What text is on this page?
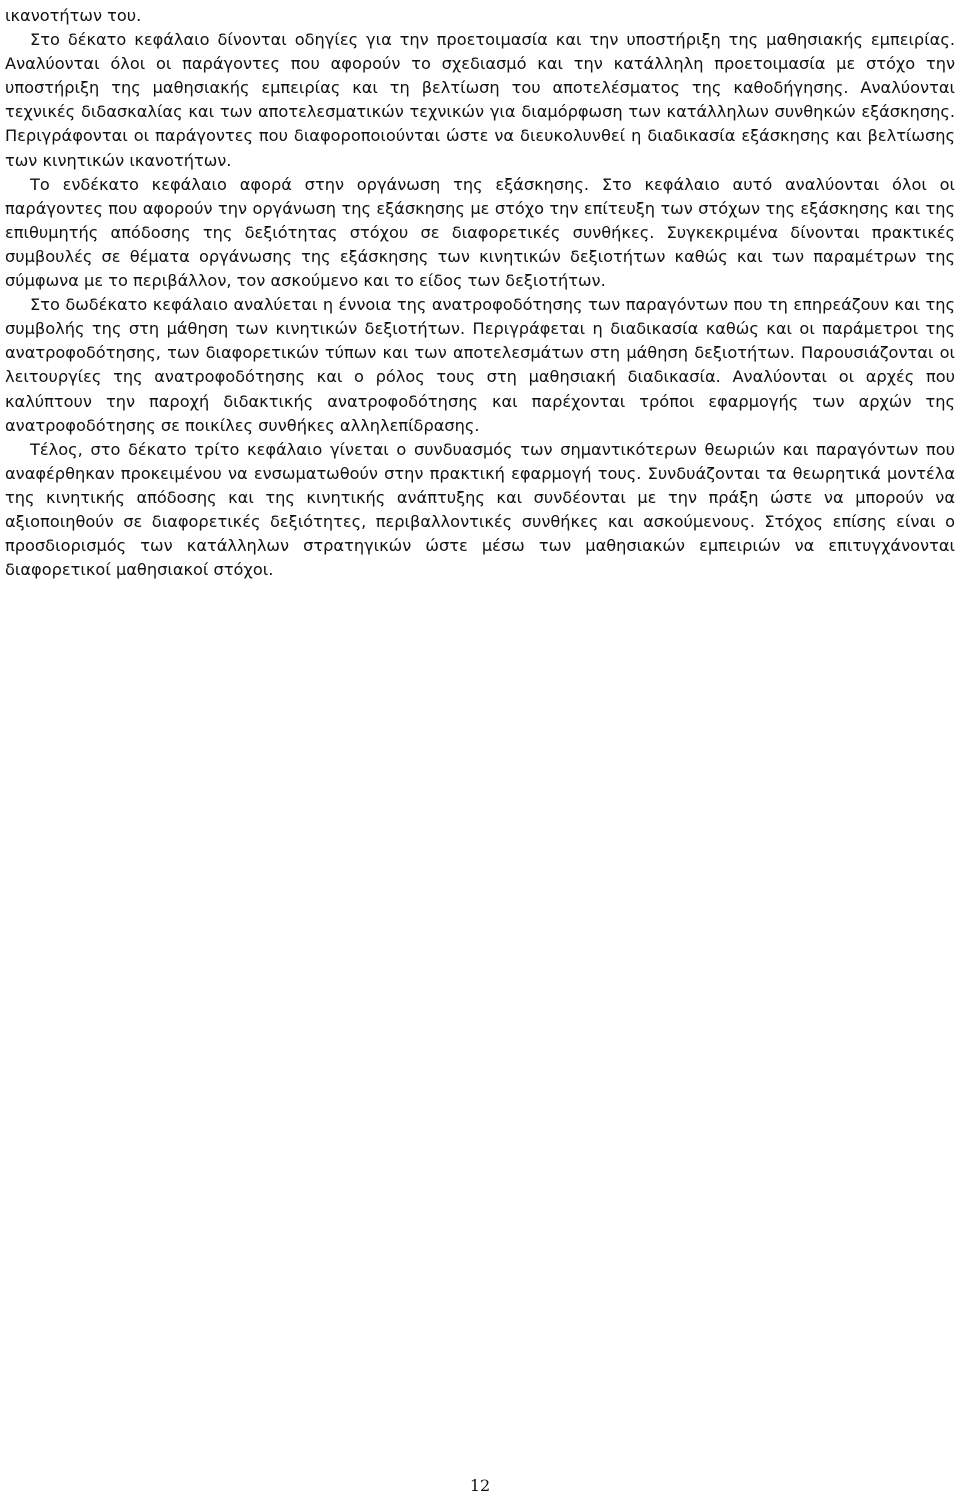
ικανοτήτων του.

Στο δέκατο κεφάλαιο δίνονται οδηγίες για την προετοιμασία και την υποστήριξη της μαθησιακής εμπειρίας. Αναλύονται όλοι οι παράγοντες που αφορούν το σχεδιασμό και την κατάλληλη προετοιμασία με στόχο την υποστήριξη της μαθησιακής εμπειρίας και τη βελτίωση του αποτελέσματος της καθοδήγησης. Αναλύονται τεχνικές διδασκαλίας και των αποτελεσματικών τεχνικών για διαμόρφωση των κατάλληλων συνθηκών εξάσκησης. Περιγράφονται οι παράγοντες που διαφοροποιούνται ώστε να διευκολυνθεί η διαδικασία εξάσκησης και βελτίωσης των κινητικών ικανοτήτων.

Το ενδέκατο κεφάλαιο αφορά στην οργάνωση της εξάσκησης. Στο κεφάλαιο αυτό αναλύονται όλοι οι παράγοντες που αφορούν την οργάνωση της εξάσκησης με στόχο την επίτευξη των στόχων της εξάσκησης και της επιθυμητής απόδοσης της δεξιότητας στόχου σε διαφορετικές συνθήκες. Συγκεκριμένα δίνονται πρακτικές συμβουλές σε θέματα οργάνωσης της εξάσκησης των κινητικών δεξιοτήτων καθώς και των παραμέτρων της σύμφωνα με το περιβάλλον, τον ασκούμενο και το είδος των δεξιοτήτων.

Στο δωδέκατο κεφάλαιο αναλύεται η έννοια της ανατροφοδότησης των παραγόντων που τη επηρεάζουν και της συμβολής της στη μάθηση των κινητικών δεξιοτήτων. Περιγράφεται η διαδικασία καθώς και οι παράμετροι της ανατροφοδότησης, των διαφορετικών τύπων και των αποτελεσμάτων στη μάθηση δεξιοτήτων. Παρουσιάζονται οι λειτουργίες της ανατροφοδότησης και ο ρόλος τους στη μαθησιακή διαδικασία. Αναλύονται οι αρχές που καλύπτουν την παροχή διδακτικής ανατροφοδότησης και παρέχονται τρόποι εφαρμογής των αρχών της ανατροφοδότησης σε ποικίλες συνθήκες αλληλεπίδρασης.

Τέλος, στο δέκατο τρίτο κεφάλαιο γίνεται ο συνδυασμός των σημαντικότερων θεωριών και παραγόντων που αναφέρθηκαν προκειμένου να ενσωματωθούν στην πρακτική εφαρμογή τους. Συνδυάζονται τα θεωρητικά μοντέλα της κινητικής απόδοσης και της κινητικής ανάπτυξης και συνδέονται με την πράξη ώστε να μπορούν να αξιοποιηθούν σε διαφορετικές δεξιότητες, περιβαλλοντικές συνθήκες και ασκούμενους. Στόχος επίσης είναι ο προσδιορισμός των κατάλληλων στρατηγικών ώστε μέσω των μαθησιακών εμπειριών να επιτυγχάνονται διαφορετικοί μαθησιακοί στόχοι.

12
